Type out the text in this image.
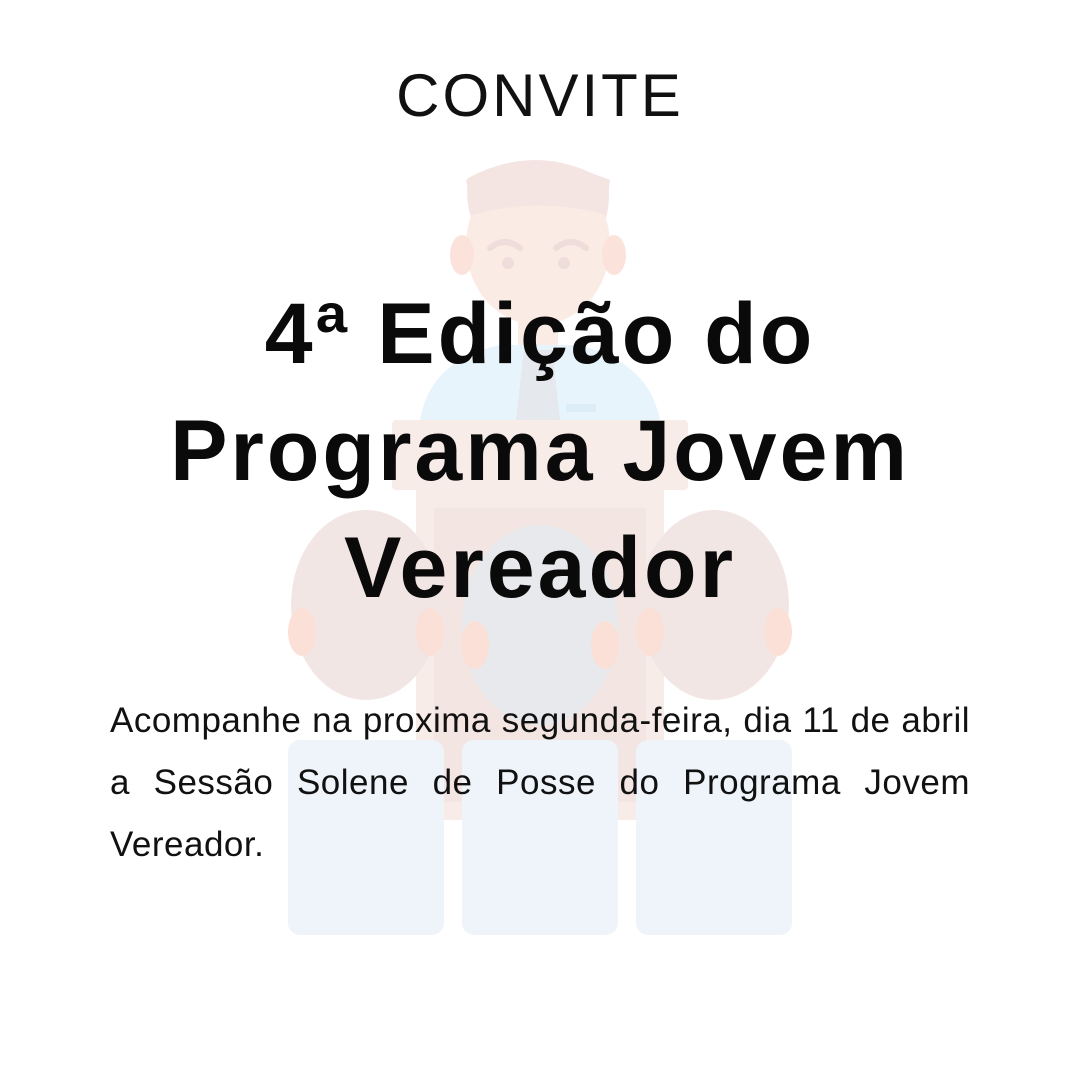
CONVITE

4ª Edição do
Programa Jovem
Vereador

Acompanhe na proxima segunda-feira, dia 11 de abril a Sessão Solene de Posse do Programa Jovem Vereador.
